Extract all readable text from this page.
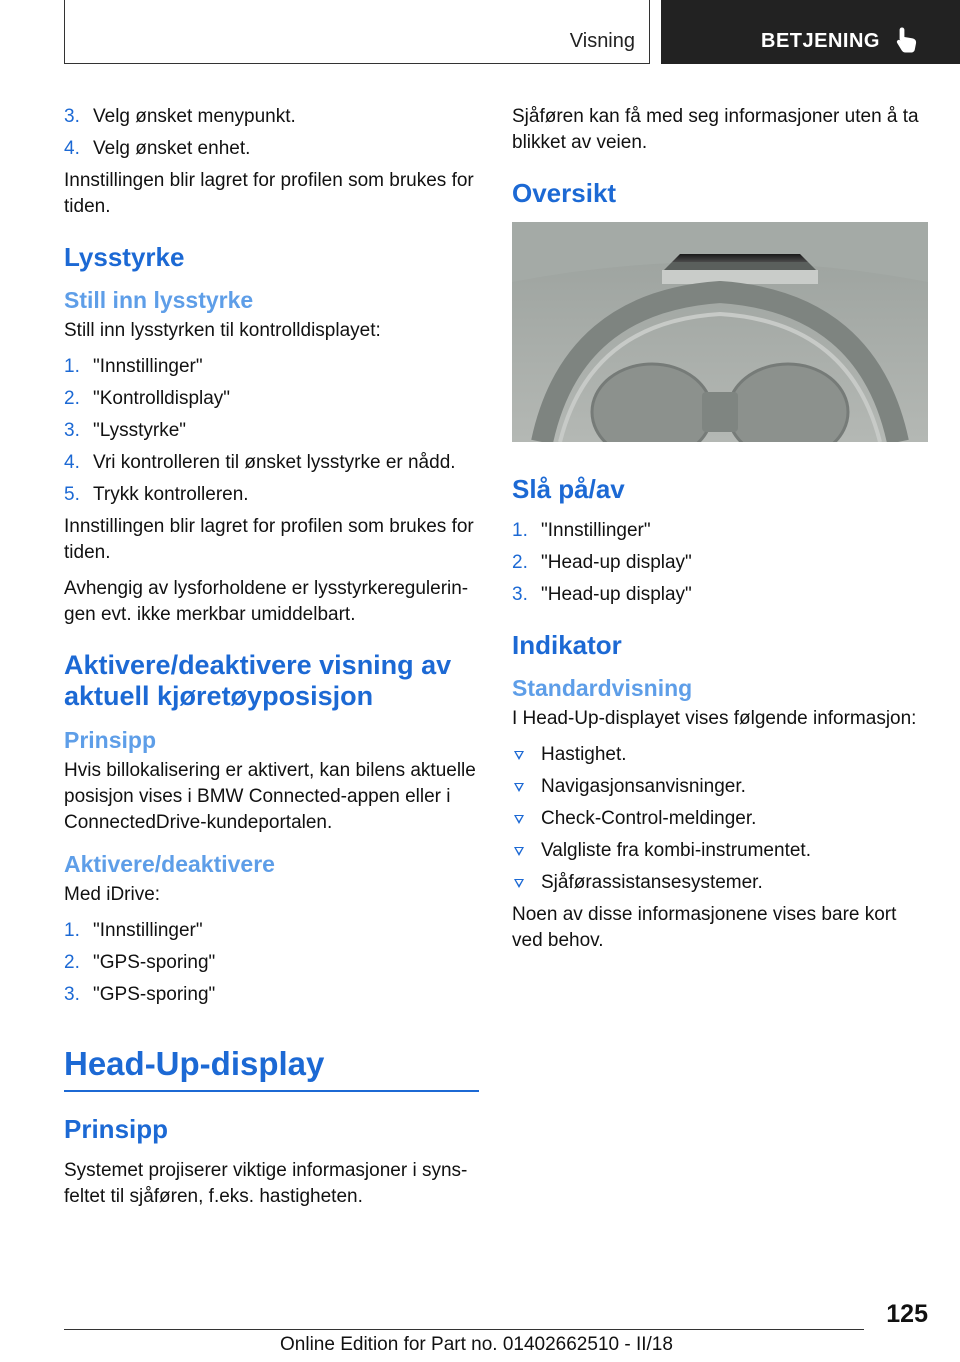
Visning	BETJENING
3. Velg ønsket menypunkt.
4. Velg ønsket enhet.

Innstillingen blir lagret for profilen som brukes for tiden.

Lysstyrke
Still inn lysstyrke

Still inn lysstyrken til kontrolldisplayet:

1. "Innstillinger"
2. "Kontrolldisplay"
3. "Lysstyrke"
4. Vri kontrolleren til ønsket lysstyrke er nådd.
5. Trykk kontrolleren.

Innstillingen blir lagret for profilen som brukes for tiden.

Avhengig av lysforholdene er lysstyrkeregulerin-gen evt. ikke merkbar umiddelbart.

Aktivere/deaktivere visning av aktuell kjøretøyposisjon
Prinsipp

Hvis billokalisering er aktivert, kan bilens aktuelle posisjon vises i BMW Connected-appen eller i ConnectedDrive-kundeportalen.

Aktivere/deaktivere

Med iDrive:

1. "Innstillinger"
2. "GPS-sporing"
3. "GPS-sporing"
Head-Up-display
Prinsipp

Systemet projiserer viktige informasjoner i syns-feltet til sjåføren, f.eks. hastigheten.

Sjåføren kan få med seg informasjoner uten å ta blikket av veien.

Oversikt
Slå på/av
1. "Innstillinger"
2. "Head-up display"
3. "Head-up display"
Indikator
Standardvisning

I Head-Up-displayet vises følgende informasjon:

Hastighet.
Navigasjonsanvisninger.
Check-Control-meldinger.
Valgliste fra kombi-instrumentet.
Sjåførassistansesystemer.

Noen av disse informasjonene vises bare kort ved behov.

125
Online Edition for Part no. 01402662510 - II/18
